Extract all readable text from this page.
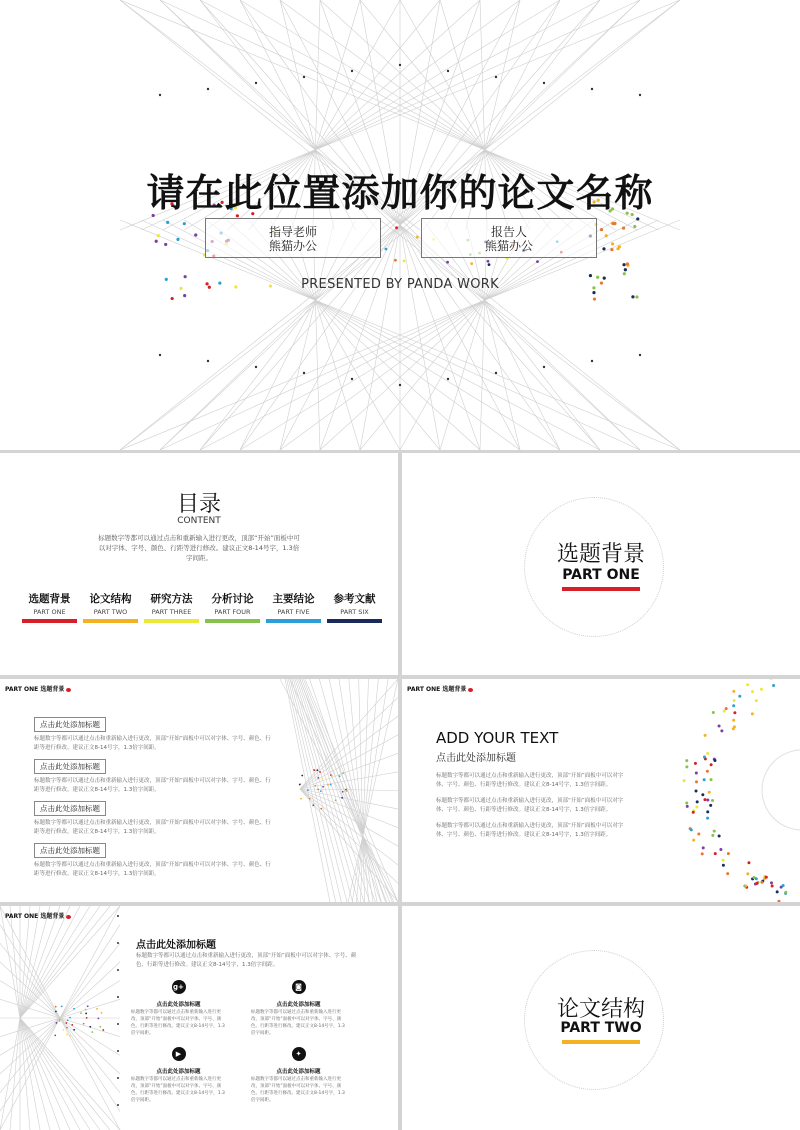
请在此位置添加你的论文名称
指导老师
熊猫办公
报告人
熊猫办公
PRESENTED BY PANDA WORK
目录
CONTENT
标题数字等都可以通过点击和重新输入进行更改，顶部“开始”面板中可以对字体、字号、颜色、行距等进行修改。建议正文8-14号字，1.3倍字间距。
选题背景
PART ONE
论文结构
PART TWO
研究方法
PART THREE
分析讨论
PART FOUR
主要结论
PART FIVE
参考文献
PART SIX
选题背景
PART ONE
PART ONE 选题背景
点击此处添加标题
标题数字等都可以通过点击和重新输入进行更改，顶部“开始”面板中可以对字体、字号、颜色、行距等进行修改。建议正文8-14号字，1.3倍字间距。
点击此处添加标题
标题数字等都可以通过点击和重新输入进行更改，顶部“开始”面板中可以对字体、字号、颜色、行距等进行修改。建议正文8-14号字，1.3倍字间距。
点击此处添加标题
标题数字等都可以通过点击和重新输入进行更改，顶部“开始”面板中可以对字体、字号、颜色、行距等进行修改。建议正文8-14号字，1.3倍字间距。
点击此处添加标题
标题数字等都可以通过点击和重新输入进行更改，顶部“开始”面板中可以对字体、字号、颜色、行距等进行修改。建议正文8-14号字，1.3倍字间距。
PART ONE 选题背景
ADD YOUR TEXT
点击此处添加标题
标题数字等都可以通过点击和重新输入进行更改，顶部“开始”面板中可以对字体、字号、颜色、行距等进行修改。建议正文8-14号字，1.3倍字间距。
标题数字等都可以通过点击和重新输入进行更改，顶部“开始”面板中可以对字体、字号、颜色、行距等进行修改。建议正文8-14号字，1.3倍字间距。
标题数字等都可以通过点击和重新输入进行更改，顶部“开始”面板中可以对字体、字号、颜色、行距等进行修改。建议正文8-14号字，1.3倍字间距。
PART ONE 选题背景
点击此处添加标题
标题数字等都可以通过点击和重新输入进行更改，顶部“开始”面板中可以对字体、字号、颜色、行距等进行修改。建议正文8-14号字，1.3倍字间距。
g+
点击此处添加标题
标题数字等都可以通过点击和重新输入进行更改，顶部“开始”面板中可以对字体、字号、颜色、行距等进行修改。建议正文8-14号字，1.3倍字间距。
◙
点击此处添加标题
标题数字等都可以通过点击和重新输入进行更改，顶部“开始”面板中可以对字体、字号、颜色、行距等进行修改。建议正文8-14号字，1.3倍字间距。
▶
点击此处添加标题
标题数字等都可以通过点击和重新输入进行更改，顶部“开始”面板中可以对字体、字号、颜色、行距等进行修改。建议正文8-14号字，1.3倍字间距。
✦
点击此处添加标题
标题数字等都可以通过点击和重新输入进行更改，顶部“开始”面板中可以对字体、字号、颜色、行距等进行修改。建议正文8-14号字，1.3倍字间距。
论文结构
PART TWO
